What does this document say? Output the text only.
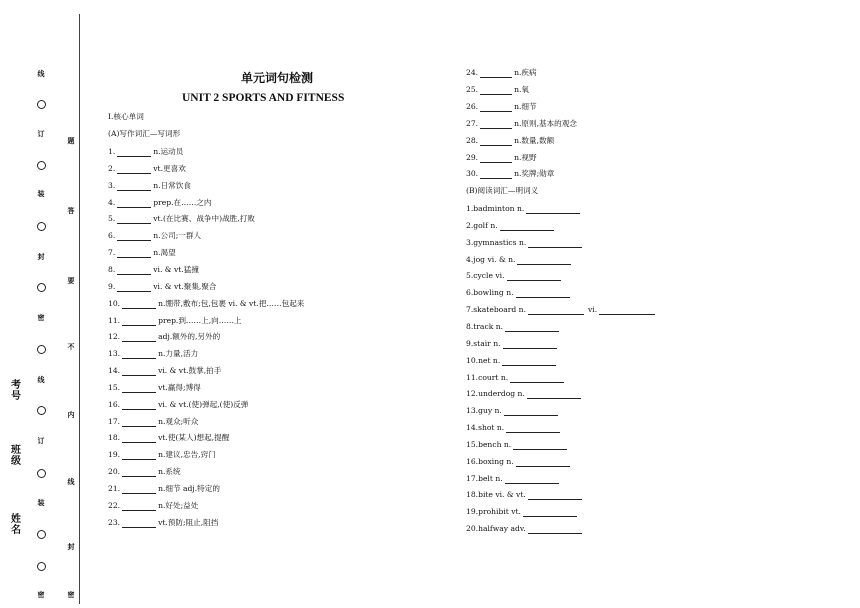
线
订
装
封
密
线
订
装
密
题
答
要
不
内
线
封
密
考号
班级
姓名
单元词句检测
UNIT 2 SPORTS AND FITNESS
Ⅰ.核心单词
(A)写作词汇—写词形
1.	n.运动员
2.	vt.更喜欢
3.	n.日常饮食
4.	prep.在……之内
5.	vt.(在比赛、战争中)战胜,打败
6.	n.公司;一群人
7.	n.渴望
8.	vi. & vt.猛撞
9.	vi. & vt.聚集,聚合
10.	n.绷带,敷布;包,包裹 vi. & vt.把……包起来
11.	prep.到……上,向……上
12.	adj.额外的,另外的
13.	n.力量,活力
14.	vi. & vt.鼓掌,拍手
15.	vt.赢得;博得
16.	vi. & vt.(使)弹起,(使)反弹
17.	n.观众;听众
18.	vt.使(某人)想起,提醒
19.	n.建议,忠告,窍门
20.	n.系统
21.	n.细节 adj.特定的
22.	n.好处;益处
23.	vt.预防;阻止,阻挡
24.	n.疾病
25.	n.氧
26.	n.细节
27.	n.原则,基本的观念
28.	n.数量,数额
29.	n.视野
30.	n.奖牌;勋章
(B)阅读词汇—明词义
1.badminton n.
2.golf n.
3.gymnastics n.
4.jog vi. & n.
5.cycle vi.
6.bowling n.
7.skateboard n.	vi.
8.track n.
9.stair n.
10.net n.
11.court n.
12.underdog n.
13.guy n.
14.shot n.
15.bench n.
16.boxing n.
17.belt n.
18.bite vi. & vt.
19.prohibit vt.
20.halfway adv.
